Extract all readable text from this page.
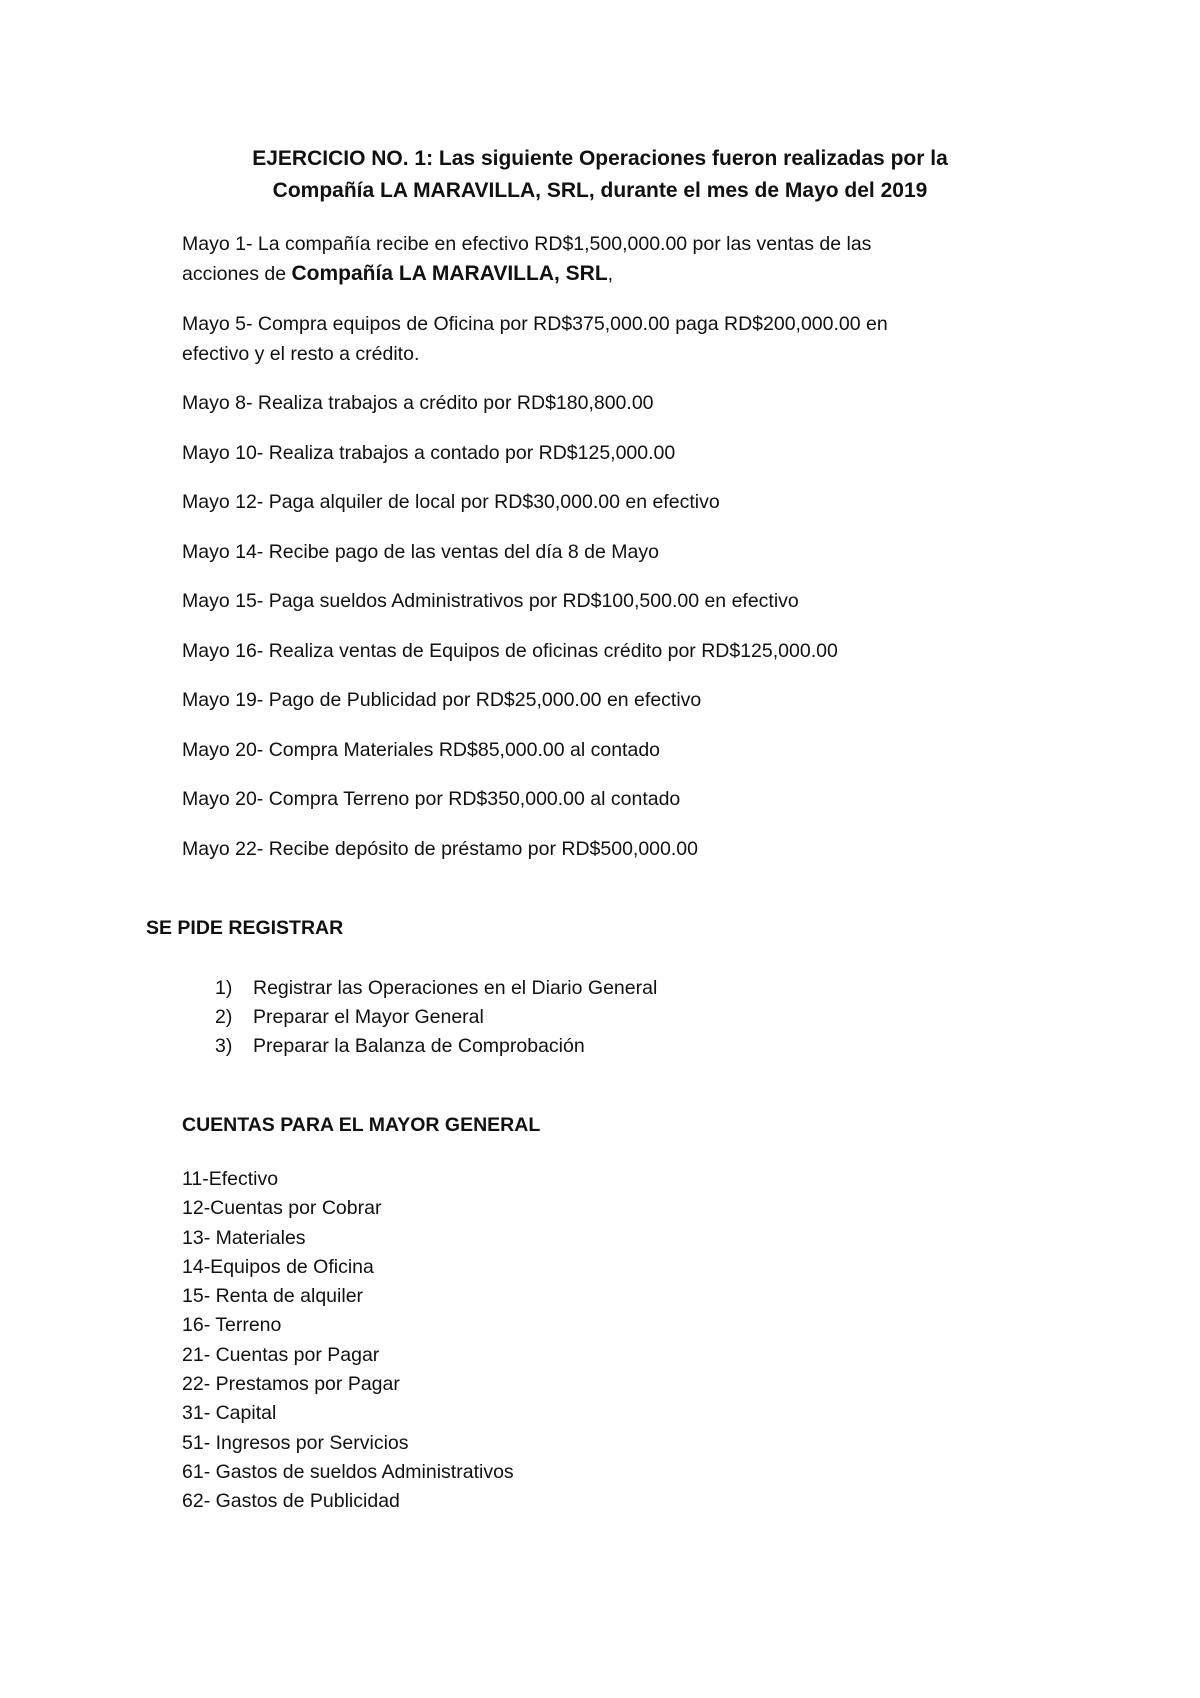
EJERCICIO NO. 1: Las siguiente Operaciones fueron realizadas por la
Compañía LA MARAVILLA, SRL, durante el mes de Mayo del 2019
Mayo 1- La compañía recibe en efectivo RD$1,500,000.00 por las ventas de las
acciones de Compañía LA MARAVILLA, SRL,
Mayo 5- Compra equipos de Oficina por RD$375,000.00 paga RD$200,000.00 en
efectivo y el resto a crédito.
Mayo 8- Realiza trabajos a crédito por RD$180,800.00
Mayo 10- Realiza trabajos a contado por RD$125,000.00
Mayo 12- Paga alquiler de local por RD$30,000.00 en efectivo
Mayo 14- Recibe pago de las ventas del día 8 de Mayo
Mayo 15- Paga sueldos Administrativos por RD$100,500.00 en efectivo
Mayo 16- Realiza ventas de Equipos de oficinas crédito por RD$125,000.00
Mayo 19- Pago de Publicidad por RD$25,000.00 en efectivo
Mayo 20- Compra Materiales RD$85,000.00 al contado
Mayo 20- Compra Terreno por RD$350,000.00 al contado
Mayo 22- Recibe depósito de préstamo por RD$500,000.00
SE PIDE REGISTRAR
1) Registrar las Operaciones en el Diario General
2) Preparar el Mayor General
3) Preparar la Balanza de Comprobación
CUENTAS PARA EL MAYOR GENERAL
11-Efectivo
12-Cuentas por Cobrar
13- Materiales
14-Equipos de Oficina
15- Renta de alquiler
16- Terreno
21- Cuentas por Pagar
22- Prestamos por Pagar
31- Capital
51- Ingresos por Servicios
61- Gastos de sueldos Administrativos
62- Gastos de Publicidad
